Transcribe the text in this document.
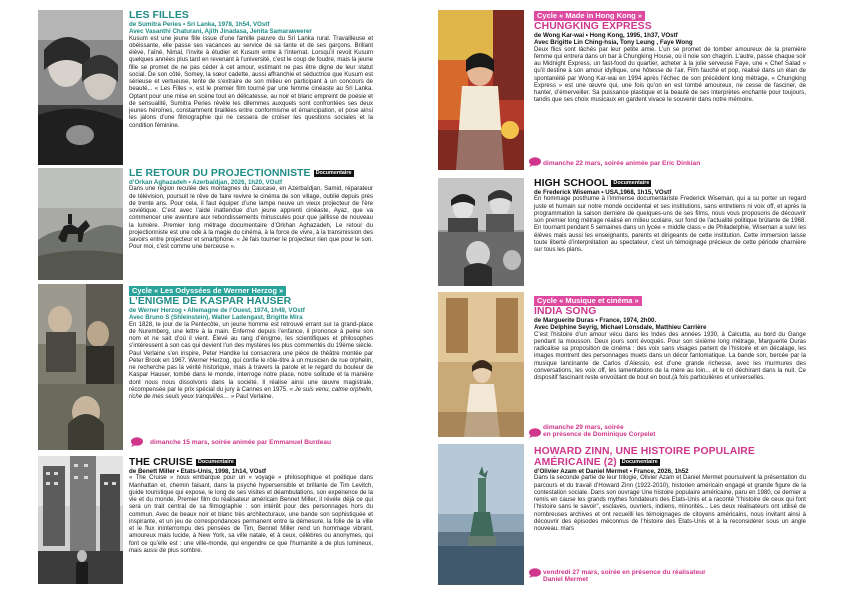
LES FILLES
de Sumitra Peries • Sri Lanka, 1978, 1h54, VOstf
Avec Vasanthi Chaturani, Ajith Jinadasa, Jenita Samaraweerer
Kusum est une jeune fille issue d’une famille pauvre du Sri Lanka rural. Travailleuse et obéissante, elle passe ses vacances au service de sa tante et de ses garçons. Brillant élève, l’aîné, Nimal, l’invite à étudier et Kusum entre à l’internat. Lorsqu’il revoit Kusum quelques années plus tard en revenant à l’université, c’est le coup de foudre, mais la jeune fille se promet de ne pas céder à cet amour, estimant ne pas être digne de leur statut social. De son côté, Somey, la sœur cadette, aussi affranchie et séductrice que Kusum est sérieuse et vertueuse, tente de s’extraire de son milieu en participant à un concours de beauté... « Les Filles », est le premier film tourné par une femme cinéaste au Sri Lanka. Optant pour une mise en scène tout en délicatesse, au noir et blanc empreint de poésie et de sensualité, Sumitra Peries révèle les dilemmes auxquels sont confrontées ses deux jeunes héroïnes, constamment tiraillées entre conformisme et émancipation, et pose ainsi les jalons d’une filmographie qui ne cessera de croiser les questions sociales et la condition féminine.
LE RETOUR DU PROJECTIONNISTE Documentaire
d’Orkan Aghazadeh • Azerbaïdjan, 2026, 1h20, VOstf
Dans une région reculée des montagnes du Caucase, en Azerbaïdjan, Samid, réparateur de télévision, poursuit le rêve de faire revivre le cinéma de son village, oublié depuis près de trente ans. Pour cela, il faut équiper d’une lampe neuve un vieux projecteur de l’ère soviétique. C’est avec l’aide inattendue d’un jeune apprenti cinéaste, Ayaz, que va commencer une aventure aux rebondissements minuscules pour que jaillisse de nouveau la lumière. Premier long métrage documentaire d’Orkhan Aghazadeh, Le retour du projectionniste est une ode à la magie du cinéma, à la force de vivre, à la transmission des savoirs entre projecteur et smartphone. « Je fais tourner le projecteur rien que pour le son. Pour moi, c’est comme une berceuse ».
Cycle « Les Odyssées de Werner Herzog »
L’ÉNIGME DE KASPAR HAUSER
de Werner Herzog • Allemagne de l’Ouest, 1974, 1h49, VOstf
Avec Bruno S (Shleinstein), Walter Ladengast, Brigitte Mira
En 1828, le jour de la Pentecôte, un jeune homme est retrouvé errant sur la grand-place de Nuremberg, une lettre à la main. Enfermé depuis l’enfance, il prononce à peine son nom et ne sait d’où il vient. Élevé au rang d’énigme, les scientifiques et philosophes s’intéressent à son cas qui devient l’un des mystères les plus commentés du 19ème siècle. Paul Verlaine s’en inspire, Peter Handke lui consacrera une pièce de théâtre montée par Peter Brook en 1967. Werner Herzog, qui confie le rôle-titre à un musicien de rue orphelin, ne recherche pas la vérité historique, mais à travers la parole et le regard du bouleur de Kaspar Hauser, tombé dans le monde, interroge notre place, notre solitude et la manière dont nous nous dissolvons dans la société. Il réalise ainsi une œuvre magistrale, récompensée par le prix spécial du jury à Cannes en 1975. « Je suis venu, calme orphelin, riche de mes seuls yeux tranquilles… » Paul Verlaine.
dimanche 15 mars, soirée animée par Emmanuel Burdeau
THE CRUISE Documentaire
de Benett Miller • Etats-Unis, 1998, 1h14, VOstf
« The Cruise » nous embarque pour un « voyage » philosophique et poétique dans Manhattan et, chemin faisant, dans la psyché hypersensible et brillante de Tim Levitch, guide touristique qui expose, le long de ses visites et déambulations, son expérience de la vie et du monde. Premier film du réalisateur américain Bennet Miller, il révèle déjà ce qui sera un trait central de sa filmographie : son intérêt pour des personnages hors du commun. Avec de beaux noir et blanc très architecturaux, une bande son sophistiquée et inspirante, et un jeu de correspondances permanent entre la démesure, la folie de la ville et le flux ininterrompu des pensées de Tim, Bennet Miller rend un hommage vibrant, amoureux mais lucide, à New York, sa ville natale, et à ceux, célèbres ou anonymes, qui font ce qu’elle est : une ville-monde, qui engendre ce que l’humanité a de plus lumineux, mais aussi de plus sombre.
Cycle « Made in Hong Kong »
CHUNGKING EXPRESS
de Wong Kar-wai • Hong Kong, 1995, 1h37, VOstf
Avec Brigitte Lin Ching-hsia, Tony Leung , Faye Wong
Deux flics sont lâchés par leur petite amie. L’un se promet de tomber amoureux de la première femme qui entrera dans un bar à Chungking House, où il noie son chagrin. L’autre, passe chaque soir au Midnight Express, un fast-food du quartier, acheter à la jolie serveuse Faye, une « Chef Salad » qu’il destine à son amour idyllique, une hôtesse de l’air. Film fauché et pop, réalisé dans un élan de spontanéité par Wong Kar-wai en 1994 après l’échec de son précédent long métrage, « Chungking Express » est une œuvre qui, une fois qu’on en est tombé amoureux, ne cesse de fasciner, de hanter, d’émerveiller. Sa puissance plastique et la beauté de ses interprètes enchante pour toujours, tandis que ses choix musicaux en gardent vivace le souvenir dans notre mémoire.
dimanche 22 mars, soirée animée par Eric Dinkian
HIGH SCHOOL Documentaire
de Frederick Wiseman • USA,1968, 1h15, VOstf
En hommage posthume à l’immense documentariste Frederick Wiseman, qui a su porter un regard juste et humain sur notre monde occidental et ses institutions, sans entretiens ni voix off, et après la programmation la saison dernière de quelques-uns de ses films, nous vous proposons de découvrir son premier long métrage réalisé en milieu scolaire, sur fond de l’actualité politique brûlante de 1968. En tournant pendant 5 semaines dans un lycée « middle class » de Philadelphie, Wiseman a suivi les élèves mais aussi les enseignants, parents et dirigeants de cette institution. Cette immersion laisse toute liberté d’interprétation au spectateur, c’est un témoignage précieux de cette période charnière sur tous les plans.
Cycle « Musique et cinéma »
INDIA SONG
de Marguerite Duras • France, 1974, 2h00.
Avec Delphine Seyrig, Michael Lonsdale, Matthieu Carrière
C’est l’histoire d’un amour vécu dans les Indes des années 1930, à Calcutta, au bord du Gange pendant la mousson. Deux jours sont évoqués. Pour son sixième long métrage, Marguerite Duras radicalise sa proposition de cinéma : des voix sans visages parlent de l’histoire et en décalage, les images montrent des personnages muets dans un décor fantomatique. La bande son, bercée par la musique lancinante de Carlos d’Alessio, est d’une grande richesse, avec les murmures des conversations, les voix off, les lamentations de la mère au loin... et le cri déchirant dans la nuit. Ce dispositif fascinant reste envoûtant de bout en bout.(à fois particulières et universelles.
dimanche 29 mars, soirée
en présence de Dominique Corpelet
HOWARD ZINN, UNE HISTOIRE POPULAIRE AMÉRICAINE (2) Documentaire
d’Olivier Azam et Daniel Mermet • France, 2026, 1h52
Dans la seconde partie de leur trilogie, Olivier Azam et Daniel Mermet poursuivent la présentation du parcours et du travail d’Howard Zinn (1922-2010), historien américain engagé et grande figure de la contestation sociale. Dans son ouvrage Une histoire populaire américaine, paru en 1980, ce dernier a remis en cause les grands mythes fondateurs des Etats-Unis et a raconté "l’histoire de ceux qui font l’histoire sans le savoir", esclaves, ouvriers, indiens, minorités... Les deux réalisateurs ont utilisé de nombreuses archives et ont recueilli les témoignages de citoyens américains, nous invitant ainsi à découvrir des épisodes méconnus de l’histoire des Etats-Unis et à la reconsidérer sous un angle nouveau. mars
vendredi 27 mars, soirée en présence du réalisateur
Daniel Mermet
